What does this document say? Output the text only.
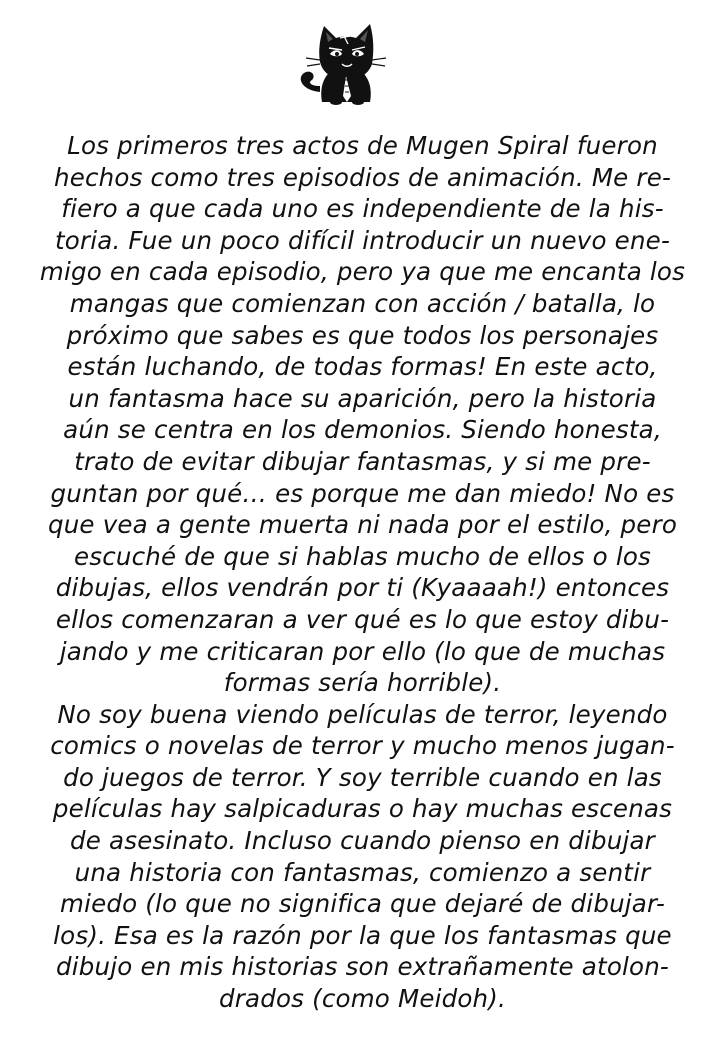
Los primeros tres actos de Mugen Spiral fueron
hechos como tres episodios de animación. Me re-
fiero a que cada uno es independiente de la his-
toria. Fue un poco difícil introducir un nuevo ene-
migo en cada episodio, pero ya que me encanta los
mangas que comienzan con acción / batalla, lo
próximo que sabes es que todos los personajes
están luchando, de todas formas! En este acto,
un fantasma hace su aparición, pero la historia
aún se centra en los demonios. Siendo honesta,
trato de evitar dibujar fantasmas, y si me pre-
guntan por qué… es porque me dan miedo! No es
que vea a gente muerta ni nada por el estilo, pero
escuché de que si hablas mucho de ellos o los
dibujas, ellos vendrán por ti (Kyaaaah!) entonces
ellos comenzaran a ver qué es lo que estoy dibu-
jando y me criticaran por ello (lo que de muchas
formas sería horrible).
No soy buena viendo películas de terror, leyendo
comics o novelas de terror y mucho menos jugan-
do juegos de terror. Y soy terrible cuando en las
películas hay salpicaduras o hay muchas escenas
de asesinato. Incluso cuando pienso en dibujar
una historia con fantasmas, comienzo a sentir
miedo (lo que no significa que dejaré de dibujar-
los). Esa es la razón por la que los fantasmas que
dibujo en mis historias son extrañamente atolon-
drados (como Meidoh).
